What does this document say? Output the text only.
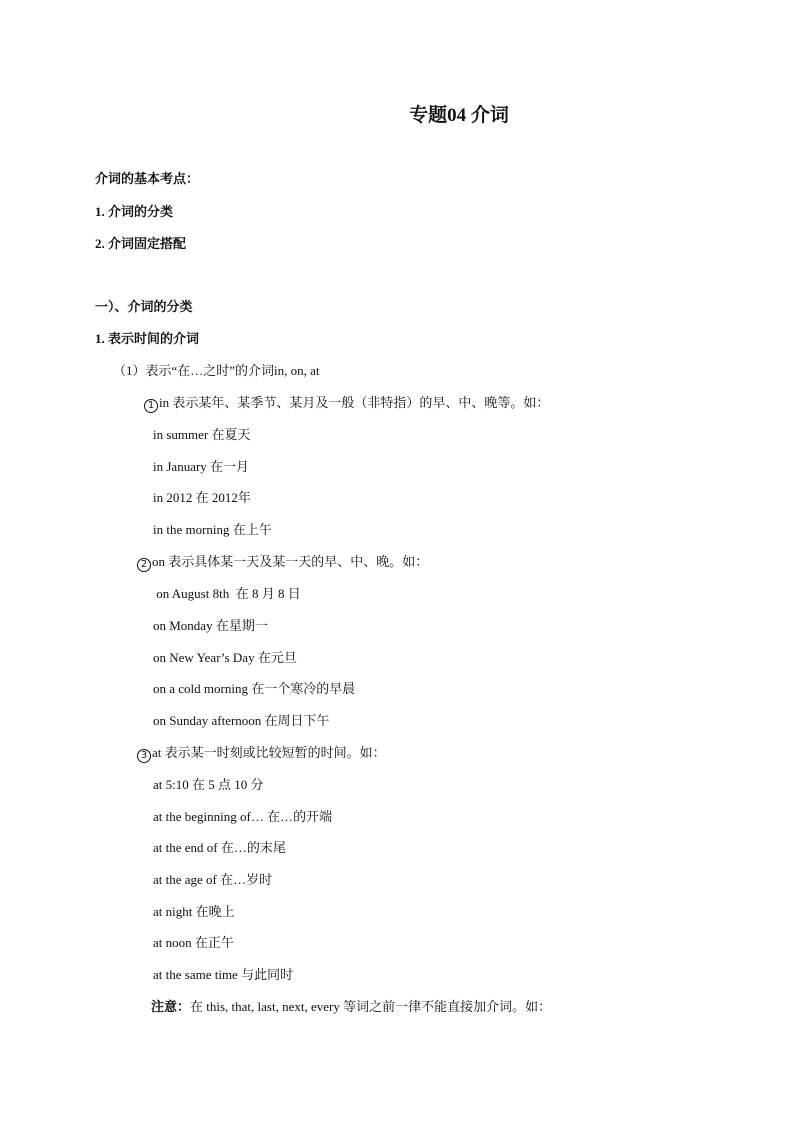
专题04 介词
介词的基本考点：
1. 介词的分类
2. 介词固定搭配
一）、介词的分类
1. 表示时间的介词
（1）表示“在…之时”的介词in, on, at
1 in 表示某年、某季节、某月及一般（非特指）的早、中、晚等。如：
in summer 在夏天
in January 在一月
in 2012 在 2012年
in the morning 在上午
2 on 表示具体某一天及某一天的早、中、晚。如：
on August 8th  在 8 月 8 日
on Monday 在星期一
on New Year’s Day 在元旦
on a cold morning 在一个寒冷的早晨
on Sunday afternoon 在周日下午
3 at 表示某一时刻或比较短暂的时间。如：
at 5:10 在 5 点 10 分
at the beginning of… 在…的开端
at the end of 在…的末尾
at the age of 在…岁时
at night 在晚上
at noon 在正午
at the same time 与此同时
注意：在 this, that, last, next, every 等词之前一律不能直接加介词。如：
